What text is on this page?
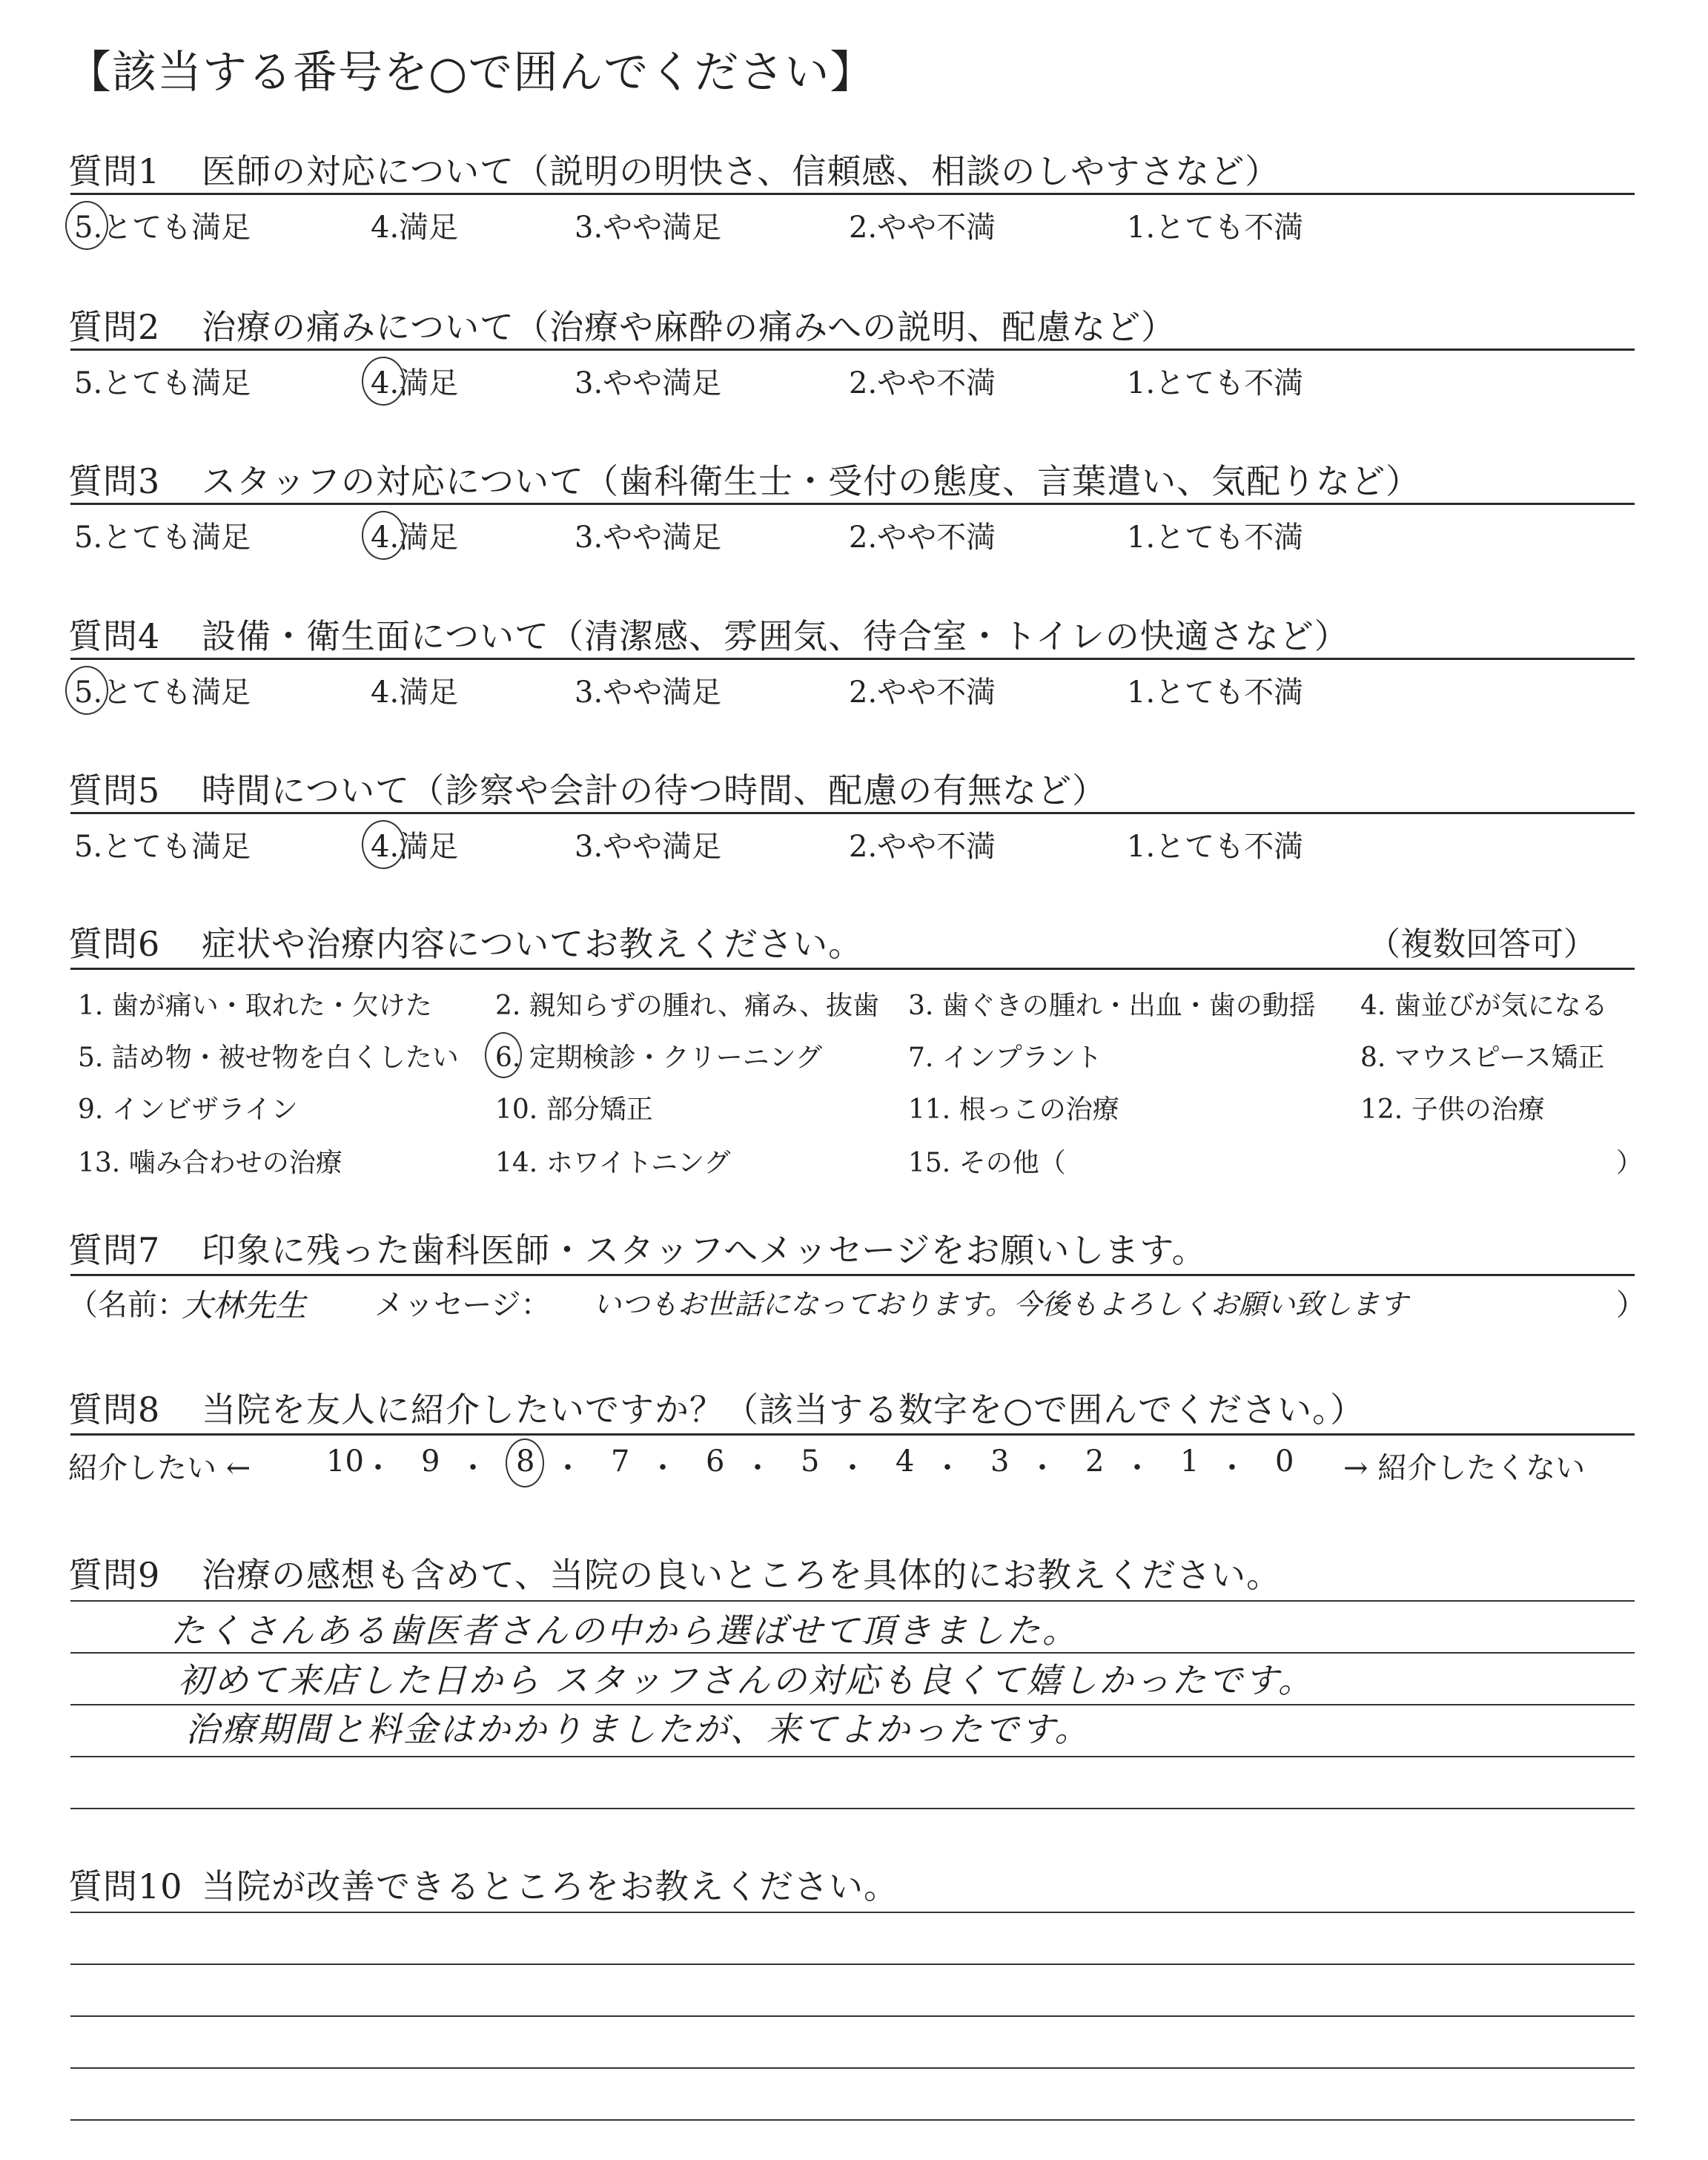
【該当する番号を○で囲んでください】
質問1 医師の対応について（説明の明快さ、信頼感、相談のしやすさなど）
5.とても満足	4.満足	3.やや満足	2.やや不満	1.とても不満
質問2 治療の痛みについて（治療や麻酔の痛みへの説明、配慮など）
5.とても満足	4.満足	3.やや満足	2.やや不満	1.とても不満
質問3 スタッフの対応について（歯科衛生士・受付の態度、言葉遣い、気配りなど）
5.とても満足	4.満足	3.やや満足	2.やや不満	1.とても不満
質問4 設備・衛生面について（清潔感、雰囲気、待合室・トイレの快適さなど）
5.とても満足	4.満足	3.やや満足	2.やや不満	1.とても不満
質問5 時間について（診察や会計の待つ時間、配慮の有無など）
5.とても満足	4.満足	3.やや満足	2.やや不満	1.とても不満
質問6 症状や治療内容についてお教えください。	（複数回答可）
1. 歯が痛い・取れた・欠けた 2. 親知らずの腫れ、痛み、抜歯 3. 歯ぐきの腫れ・出血・歯の動揺 4. 歯並びが気になる
5. 詰め物・被せ物を白くしたい 6. 定期検診・クリーニング	7. インプラント	8. マウスピース矯正
9. インビザライン	10. 部分矯正	11. 根っこの治療	12. 子供の治療
13. 噛み合わせの治療	14. ホワイトニング	15. その他（	）
質問7 印象に残った歯科医師・スタッフへメッセージをお願いします。
（名前：
大林先生 メッセージ： いつもお世話になっております。今後もよろしくお願い致します	）
質問8 当院を友人に紹介したいですか？（該当する数字を○で囲んでください。）
紹介したい ←	10 ・ 9 ・ 8 ・ 7 ・ 6 ・ 5 ・ 4 ・ 3 ・ 2 ・ 1 ・ 0 → 紹介したくない
質問9 治療の感想も含めて、当院の良いところを具体的にお教えください。
たくさんある歯医者さんの中から選ばせて頂きました。
初めて来店した日から スタッフさんの対応も良くて嬉しかったです。
治療期間と料金はかかりましたが、来てよかったです。
質問10 当院が改善できるところをお教えください。
